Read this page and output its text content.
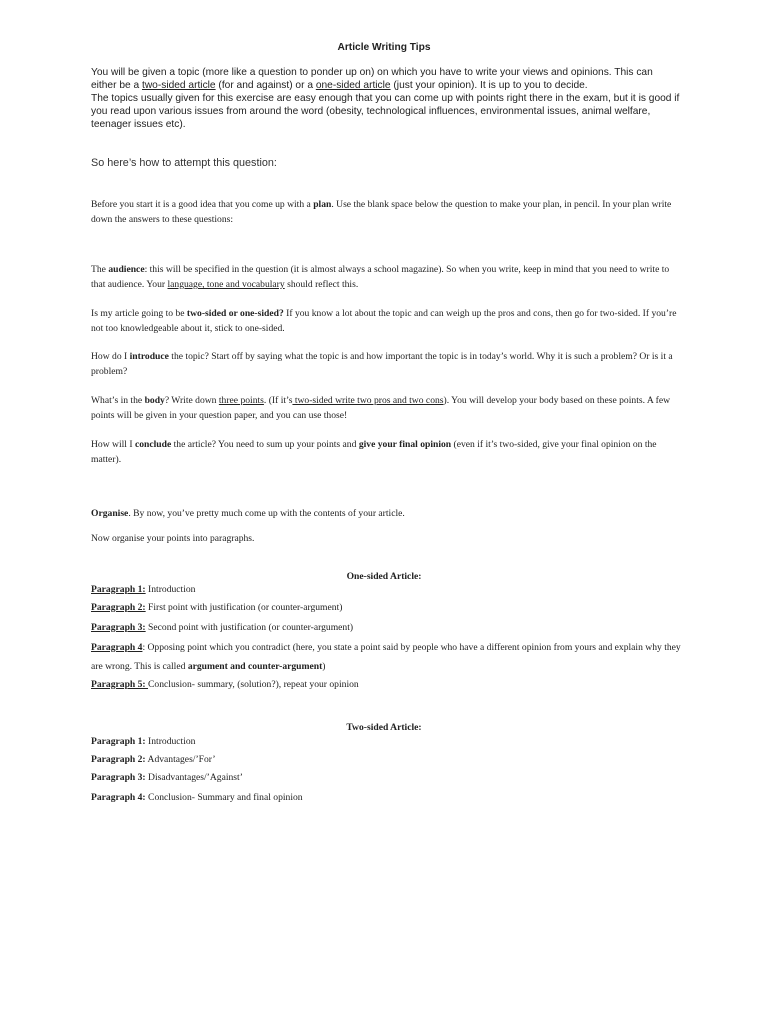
Article Writing Tips

You will be given a topic (more like a question to ponder up on) on which you have to write your views and opinions. This can either be a two-sided article (for and against) or a one-sided article (just your opinion). It is up to you to decide.
The topics usually given for this exercise are easy enough that you can come up with points right there in the exam, but it is good if you read upon various issues from around the word (obesity, technological influences, environmental issues, animal welfare, teenager issues etc).

So here’s how to attempt this question:

Before you start it is a good idea that you come up with a plan. Use the blank space below the question to make your plan, in pencil. In your plan write down the answers to these questions:

The audience: this will be specified in the question (it is almost always a school magazine). So when you write, keep in mind that you need to write to that audience. Your language, tone and vocabulary should reflect this.

Is my article going to be two-sided or one-sided? If you know a lot about the topic and can weigh up the pros and cons, then go for two-sided. If you’re not too knowledgeable about it, stick to one-sided.

How do I introduce the topic? Start off by saying what the topic is and how important the topic is in today’s world. Why it is such a problem? Or is it a problem?

What’s in the body? Write down three points. (If it’s two-sided write two pros and two cons). You will develop your body based on these points. A few points will be given in your question paper, and you can use those!

How will I conclude the article? You need to sum up your points and give your final opinion (even if it’s two-sided, give your final opinion on the matter).

Organise. By now, you’ve pretty much come up with the contents of your article.

Now organise your points into paragraphs.

One-sided Article:
Paragraph 1: Introduction
Paragraph 2: First point with justification (or counter-argument)
Paragraph 3: Second point with justification (or counter-argument)
Paragraph 4: Opposing point which you contradict (here, you state a point said by people who have a different opinion from yours and explain why they are wrong. This is called argument and counter-argument)
Paragraph 5: Conclusion- summary, (solution?), repeat your opinion
Two-sided Article:
Paragraph 1: Introduction
Paragraph 2: Advantages/’For’
Paragraph 3: Disadvantages/’Against’
Paragraph 4: Conclusion- Summary and final opinion
